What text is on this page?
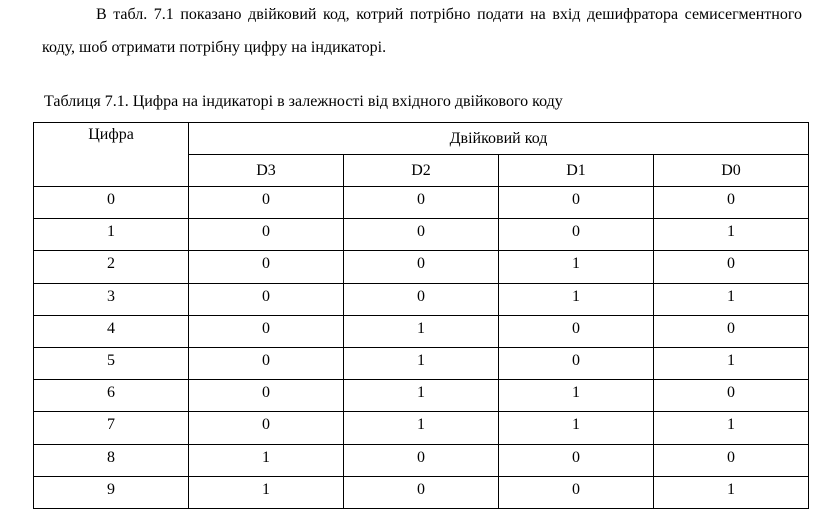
В табл. 7.1 показано двійковий код, котрий потрібно подати на вхід дешифратора семисегментного коду, шоб отримати потрібну цифру на індикаторі.

Таблиця 7.1. Цифра на індикаторі в залежності від вхідного двійкового коду

Цифра	Двійковий код			
	D3	D2	D1	D0
0	0	0	0	0
1	0	0	0	1
2	0	0	1	0
3	0	0	1	1
4	0	1	0	0
5	0	1	0	1
6	0	1	1	0
7	0	1	1	1
8	1	0	0	0
9	1	0	0	1
